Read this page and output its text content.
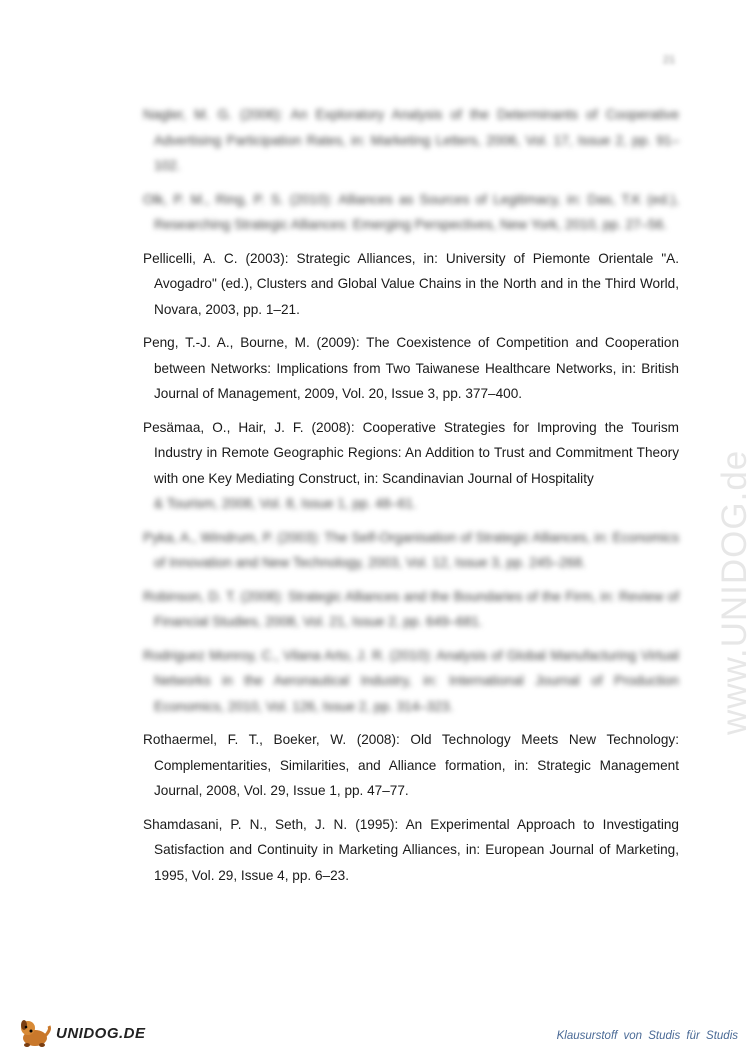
21

Nagler, M. G. (2006): An Exploratory Analysis of the Determinants of Cooperative Advertising Participation Rates, in: Marketing Letters, 2006, Vol. 17, Issue 2, pp. 91–102.

Olk, P. M., Ring, P. S. (2010): Alliances as Sources of Legitimacy, in: Das, T.K (ed.), Researching Strategic Alliances: Emerging Perspectives, New York, 2010, pp. 27–56.

Pellicelli, A. C. (2003): Strategic Alliances, in: University of Piemonte Orientale "A. Avogadro" (ed.), Clusters and Global Value Chains in the North and in the Third World, Novara, 2003, pp. 1–21.

Peng, T.-J. A., Bourne, M. (2009): The Coexistence of Competition and Cooperation between Networks: Implications from Two Taiwanese Healthcare Networks, in: British Journal of Management, 2009, Vol. 20, Issue 3, pp. 377–400.

Pesämaa, O., Hair, J. F. (2008): Cooperative Strategies for Improving the Tourism Industry in Remote Geographic Regions: An Addition to Trust and Commitment Theory with one Key Mediating Construct, in: Scandinavian Journal of Hospitality

& Tourism, 2008, Vol. 8, Issue 1, pp. 48–61.

Pyka, A., Windrum, P. (2003): The Self-Organisation of Strategic Alliances, in: Economics of Innovation and New Technology, 2003, Vol. 12, Issue 3, pp. 245–268.

Robinson, D. T. (2008): Strategic Alliances and the Boundaries of the Firm, in: Review of Financial Studies, 2008, Vol. 21, Issue 2, pp. 649–681.

Rodriguez Monroy, C., Vilana Arto, J. R. (2010): Analysis of Global Manufacturing Virtual Networks in the Aeronautical Industry, in: International Journal of Production Economics, 2010, Vol. 126, Issue 2, pp. 314–323.

Rothaermel, F. T., Boeker, W. (2008): Old Technology Meets New Technology: Complementarities, Similarities, and Alliance formation, in: Strategic Management Journal, 2008, Vol. 29, Issue 1, pp. 47–77.

Shamdasani, P. N., Seth, J. N. (1995): An Experimental Approach to Investigating Satisfaction and Continuity in Marketing Alliances, in: European Journal of Marketing, 1995, Vol. 29, Issue 4, pp. 6–23.

www.UNIDOG.de
UNIDOG.DE	Klausurstoff von Studis für Studis
